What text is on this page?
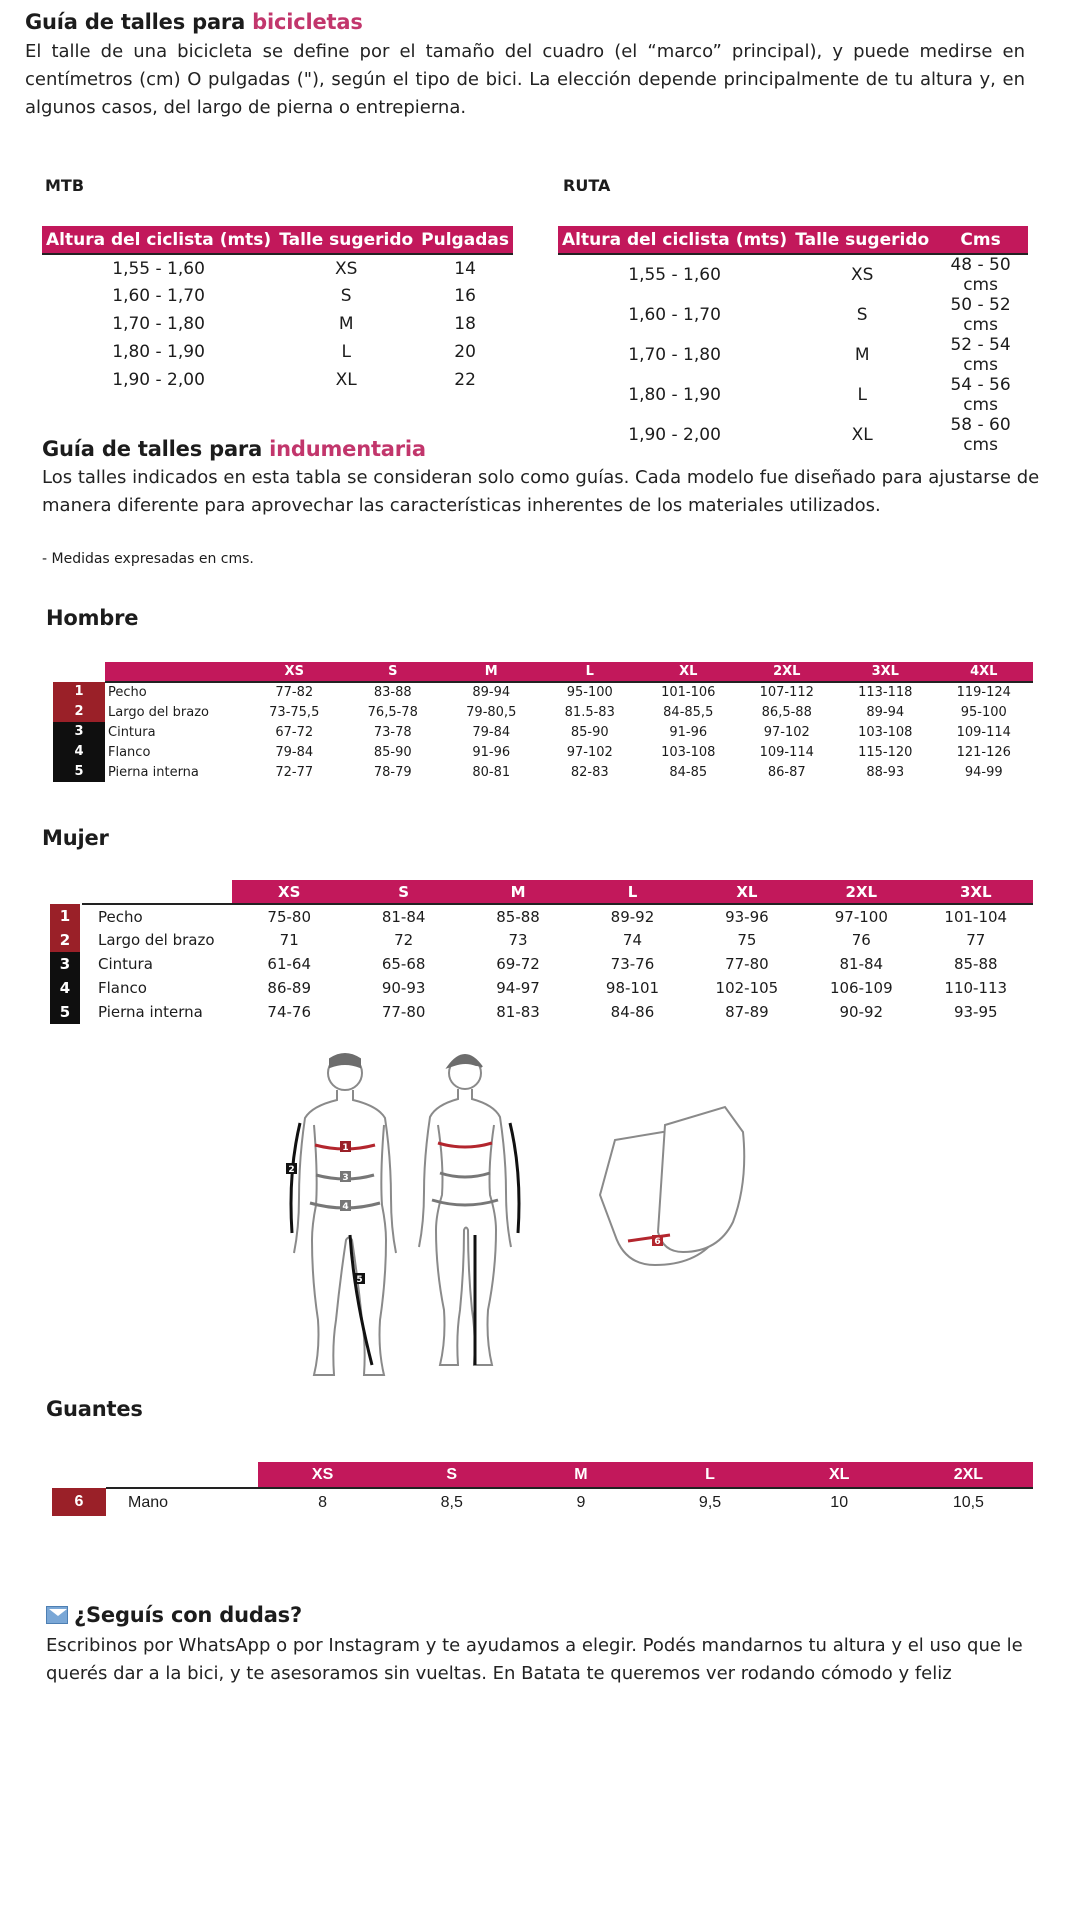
Guía de talles para bicicletas
El talle de una bicicleta se define por el tamaño del cuadro (el “marco” principal), y puede medirse en centímetros (cm) O pulgadas ("), según el tipo de bici. La elección depende principalmente de tu altura y, en algunos casos, del largo de pierna o entrepierna.
MTB	RUTA
Altura del ciclista (mts)	Talle sugerido	Pulgadas
1,55 - 1,60	XS	14
1,60 - 1,70	S	16
1,70 - 1,80	M	18
1,80 - 1,90	L	20
1,90 - 2,00	XL	22
Altura del ciclista (mts)	Talle sugerido	Cms
1,55 - 1,60	XS	48 - 50 cms
1,60 - 1,70	S	50 - 52 cms
1,70 - 1,80	M	52 - 54 cms
1,80 - 1,90	L	54 - 56 cms
1,90 - 2,00	XL	58 - 60 cms
Guía de talles para indumentaria
Los talles indicados en esta tabla se consideran solo como guías. Cada modelo fue diseñado para ajustarse de manera diferente para aprovechar las características inherentes de los materiales utilizados.
- Medidas expresadas en cms.
Hombre
		XS	S	M	L	XL	2XL	3XL	4XL

1	Pecho	77-82	83-88	89-94	95-100	101-106	107-112	113-118	119-124

2	Largo del brazo	73-75,5	76,5-78	79-80,5	81.5-83	84-85,5	86,5-88	89-94	95-100

3	Cintura	67-72	73-78	79-84	85-90	91-96	97-102	103-108	109-114

4	Flanco	79-84	85-90	91-96	97-102	103-108	109-114	115-120	121-126

5	Pierna interna	72-77	78-79	80-81	82-83	84-85	86-87	88-93	94-99
Mujer
		XS	S	M	L	XL	2XL	3XL

1	Pecho	75-80	81-84	85-88	89-92	93-96	97-100	101-104

2	Largo del brazo	71	72	73	74	75	76	77

3	Cintura	61-64	65-68	69-72	73-76	77-80	81-84	85-88

4	Flanco	86-89	90-93	94-97	98-101	102-105	106-109	110-113

5	Pierna interna	74-76	77-80	81-83	84-86	87-89	90-92	93-95
1
2
3
4
5
6
Guantes
		XS	S	M	L	XL	2XL

6	Mano	8	8,5	9	9,5	10	10,5
¿Seguís con dudas?
Escribinos por WhatsApp o por Instagram y te ayudamos a elegir. Podés mandarnos tu altura y el uso que le querés dar a la bici, y te asesoramos sin vueltas. En Batata te queremos ver rodando cómodo y feliz
